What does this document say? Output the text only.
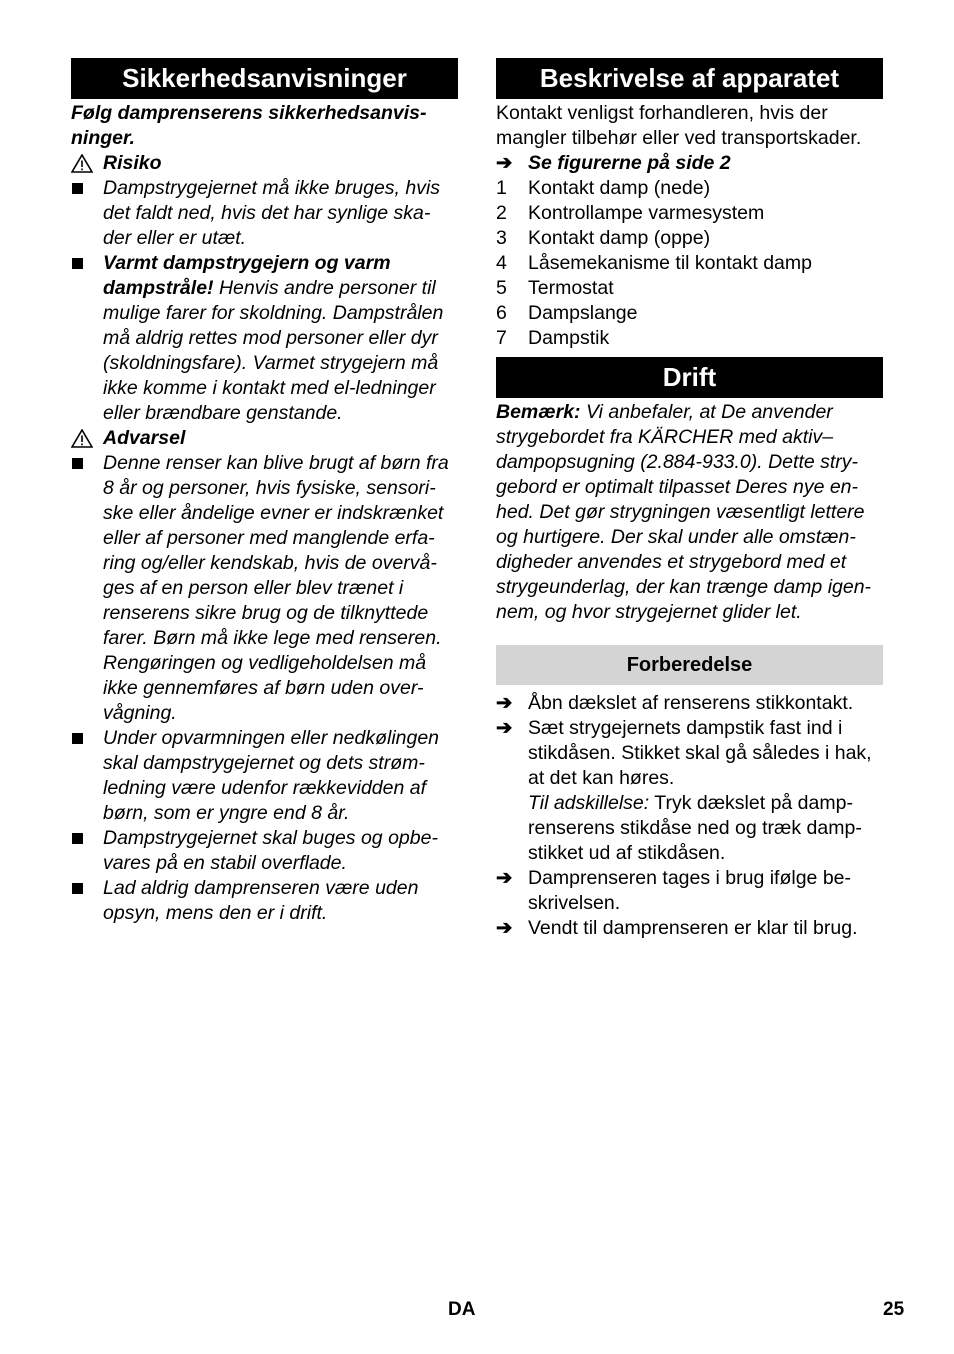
Sikkerhedsanvisninger
Følg damprenserens sikkerhedsanvis-
ninger.
Risiko
Dampstrygejernet må ikke bruges, hvis
det faldt ned, hvis det har synlige ska-
der eller er utæt.
Varmt dampstrygejern og varm
dampstråle! Henvis andre personer til
mulige farer for skoldning. Dampstrålen
må aldrig rettes mod personer eller dyr
(skoldningsfare). Varmet strygejern må
ikke komme i kontakt med el-ledninger
eller brændbare genstande.
Advarsel
Denne renser kan blive brugt af børn fra
8 år og personer, hvis fysiske, sensori-
ske eller åndelige evner er indskrænket
eller af personer med manglende erfa-
ring og/eller kendskab, hvis de overvå-
ges af en person eller blev trænet i
renserens sikre brug og de tilknyttede
farer. Børn må ikke lege med renseren.
Rengøringen og vedligeholdelsen må
ikke gennemføres af børn uden over-
vågning.
Under opvarmningen eller nedkølingen
skal dampstrygejernet og dets strøm-
ledning være udenfor rækkevidden af
børn, som er yngre end 8 år.
Dampstrygejernet skal buges og opbe-
vares på en stabil overflade.
Lad aldrig damprenseren være uden
opsyn, mens den er i drift.
Beskrivelse af apparatet
Kontakt venligst forhandleren, hvis der
mangler tilbehør eller ved transportskader.
➔ Se figurerne på side 2
1	Kontakt damp (nede)
2	Kontrollampe varmesystem
3	Kontakt damp (oppe)
4	Låsemekanisme til kontakt damp
5	Termostat
6	Dampslange
7	Dampstik
Drift
Bemærk: Vi anbefaler, at De anvender
strygebordet fra KÄRCHER med aktiv–
dampopsugning (2.884-933.0). Dette stry-
gebord er optimalt tilpasset Deres nye en-
hed. Det gør strygningen væsentligt lettere
og hurtigere. Der skal under alle omstæn-
digheder anvendes et strygebord med et
strygeunderlag, der kan trænge damp igen-
nem, og hvor strygejernet glider let.
Forberedelse
➔ Åbn dækslet af renserens stikkontakt.
➔ Sæt strygejernets dampstik fast ind i
stikdåsen. Stikket skal gå således i hak,
at det kan høres.
Til adskillelse: Tryk dækslet på damp-
renserens stikdåse ned og træk damp-
stikket ud af stikdåsen.
➔ Damprenseren tages i brug ifølge be-
skrivelsen.
➔ Vendt til damprenseren er klar til brug.
DA	25
